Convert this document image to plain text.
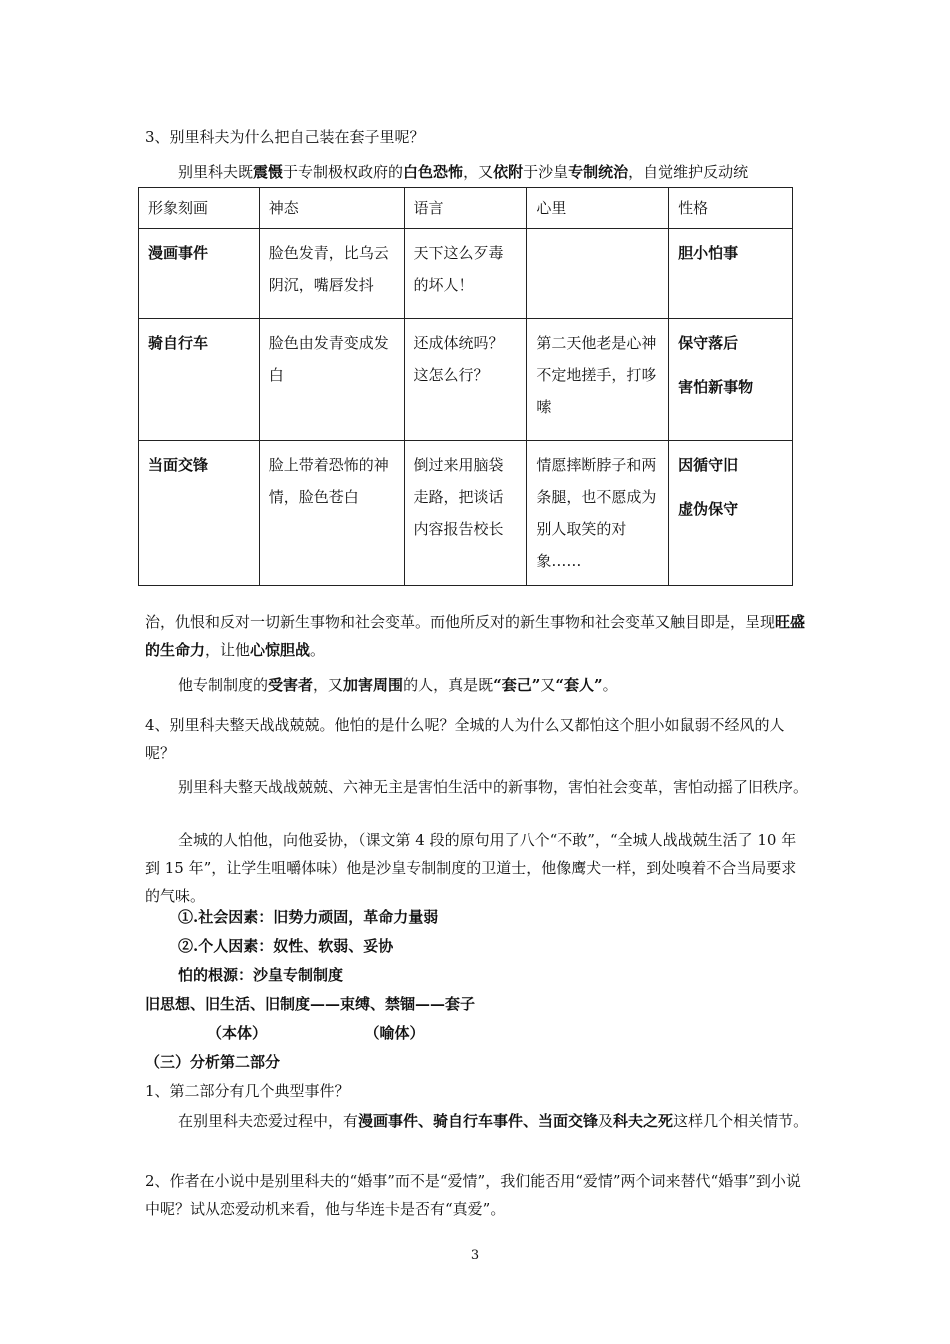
3、别里科夫为什么把自己装在套子里呢？

别里科夫既震慑于专制极权政府的白色恐怖，又依附于沙皇专制统治，自觉维护反动统

形象刻画	神态	语言	心里	性格
漫画事件	脸色发青，比乌云阴沉，嘴唇发抖	天下这么歹毒的坏人！		胆小怕事
骑自行车	脸色由发青变成发白	还成体统吗？这怎么行？	第二天他老是心神不定地搓手，打哆嗦	保守落后
害怕新事物
当面交锋	脸上带着恐怖的神情，脸色苍白	倒过来用脑袋走路，把谈话内容报告校长	情愿摔断脖子和两条腿，也不愿成为别人取笑的对象……	因循守旧
虚伪保守

治，仇恨和反对一切新生事物和社会变革。而他所反对的新生事物和社会变革又触目即是，呈现旺盛的生命力，让他心惊胆战。

他专制制度的受害者，又加害周围的人，真是既“套己”又“套人”。

4、别里科夫整天战战兢兢。他怕的是什么呢？全城的人为什么又都怕这个胆小如鼠弱不经风的人呢？

别里科夫整天战战兢兢、六神无主是害怕生活中的新事物，害怕社会变革，害怕动摇了旧秩序。

全城的人怕他，向他妥协，（课文第 4 段的原句用了八个“不敢”，“全城人战战兢生活了 10 年到 15 年”，让学生咀嚼体味）他是沙皇专制制度的卫道士，他像鹰犬一样，到处嗅着不合当局要求的气味。

①.社会因素：旧势力顽固，革命力量弱

②.个人因素：奴性、软弱、妥协

怕的根源：沙皇专制制度

旧思想、旧生活、旧制度——束缚、禁锢——套子

（本体）	（喻体）

（三）分析第二部分

1、第二部分有几个典型事件？

在别里科夫恋爱过程中，有漫画事件、骑自行车事件、当面交锋及科夫之死这样几个相关情节。

2、作者在小说中是别里科夫的“婚事”而不是“爱情”，我们能否用“爱情”两个词来替代“婚事”到小说中呢？试从恋爱动机来看，他与华连卡是否有“真爱”。

3
